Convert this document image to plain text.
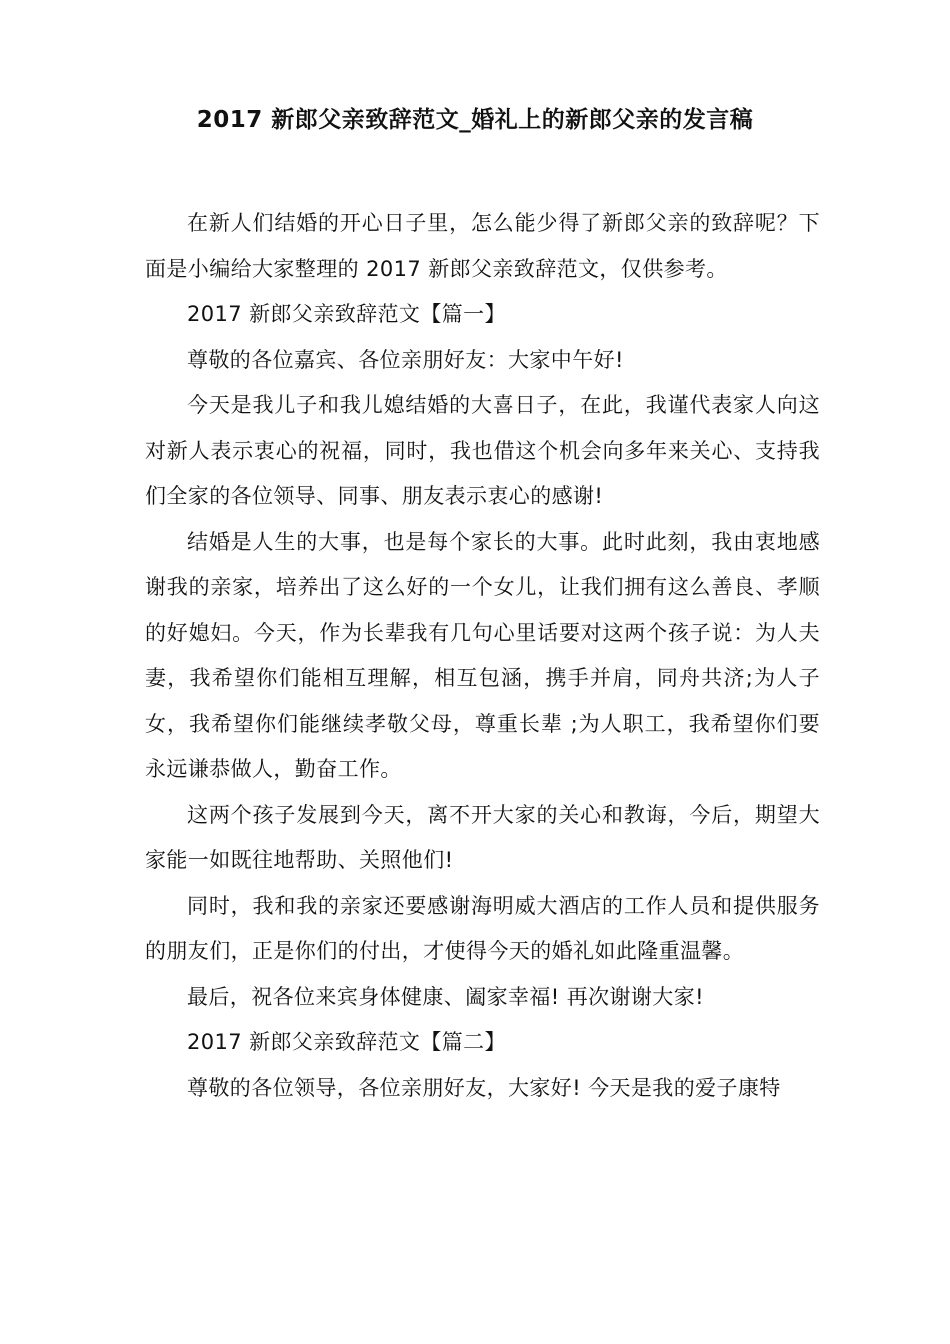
2017 新郎父亲致辞范文_婚礼上的新郎父亲的发言稿

在新人们结婚的开心日子里，怎么能少得了新郎父亲的致辞呢？下面是小编给大家整理的 2017 新郎父亲致辞范文，仅供参考。

2017 新郎父亲致辞范文【篇一】

尊敬的各位嘉宾、各位亲朋好友：大家中午好!

今天是我儿子和我儿媳结婚的大喜日子，在此，我谨代表家人向这对新人表示衷心的祝福，同时，我也借这个机会向多年来关心、支持我们全家的各位领导、同事、朋友表示衷心的感谢!

结婚是人生的大事，也是每个家长的大事。此时此刻，我由衷地感谢我的亲家，培养出了这么好的一个女儿，让我们拥有这么善良、孝顺的好媳妇。今天，作为长辈我有几句心里话要对这两个孩子说：为人夫妻，我希望你们能相互理解，相互包涵，携手并肩，同舟共济;为人子女，我希望你们能继续孝敬父母，尊重长辈 ;为人职工，我希望你们要永远谦恭做人，勤奋工作。

这两个孩子发展到今天，离不开大家的关心和教诲，今后，期望大家能一如既往地帮助、关照他们!

同时，我和我的亲家还要感谢海明威大酒店的工作人员和提供服务的朋友们，正是你们的付出，才使得今天的婚礼如此隆重温馨。

最后，祝各位来宾身体健康、阖家幸福! 再次谢谢大家!

2017 新郎父亲致辞范文【篇二】

尊敬的各位领导，各位亲朋好友，大家好! 今天是我的爱子康特
